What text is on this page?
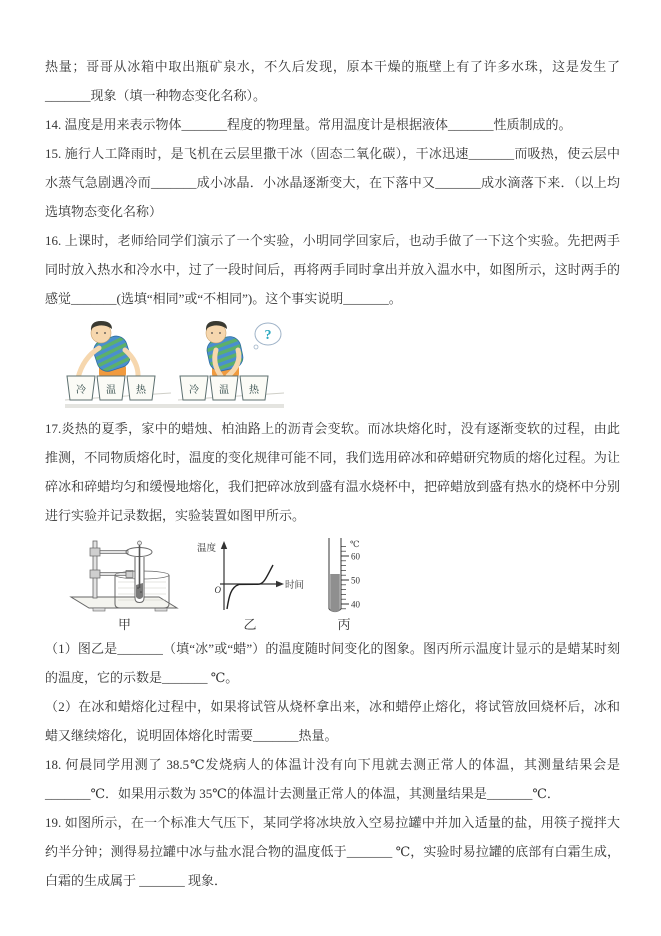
热量；哥哥从冰箱中取出瓶矿泉水，不久后发现，原本干燥的瓶壁上有了许多水珠，这是发生了_______现象（填一种物态变化名称）。

14. 温度是用来表示物体_______程度的物理量。常用温度计是根据液体_______性质制成的。

15. 施行人工降雨时，是飞机在云层里撒干冰（固态二氧化碳），干冰迅速_______而吸热，使云层中水蒸气急剧遇冷而_______成小冰晶．小冰晶逐渐变大，在下落中又_______成水滴落下来．（以上均选填物态变化名称）

16. 上课时，老师给同学们演示了一个实验，小明同学回家后，也动手做了一下这个实验。先把两手同时放入热水和冷水中，过了一段时间后，再将两手同时拿出并放入温水中，如图所示，这时两手的感觉_______(选填“相同”或“不相同”)。这个事实说明_______。

冷 温 热	冷 温 热
?

17.炎热的夏季，家中的蜡烛、柏油路上的沥青会变软。而冰块熔化时，没有逐渐变软的过程，由此推测，不同物质熔化时，温度的变化规律可能不同，我们选用碎冰和碎蜡研究物质的熔化过程。为让碎冰和碎蜡均匀和缓慢地熔化，我们把碎冰放到盛有温水烧杯中，把碎蜡放到盛有热水的烧杯中分别进行实验并记录数据，实验装置如图甲所示。

甲
温度
O	时间
乙
℃
60
50
40
丙

（1）图乙是_______（填“冰”或“蜡”）的温度随时间变化的图象。图丙所示温度计显示的是蜡某时刻的温度，它的示数是_______ ℃。

（2）在冰和蜡熔化过程中，如果将试管从烧杯拿出来，冰和蜡停止熔化，将试管放回烧杯后，冰和蜡又继续熔化，说明固体熔化时需要_______热量。

18. 何晨同学用测了 38.5℃发烧病人的体温计没有向下甩就去测正常人的体温，其测量结果会是_______℃．如果用示数为 35℃的体温计去测量正常人的体温，其测量结果是_______℃．

19. 如图所示，在一个标准大气压下，某同学将冰块放入空易拉罐中并加入适量的盐，用筷子搅拌大约半分钟；测得易拉罐中冰与盐水混合物的温度低于_______ ℃，实验时易拉罐的底部有白霜生成，白霜的生成属于 _______ 现象．
